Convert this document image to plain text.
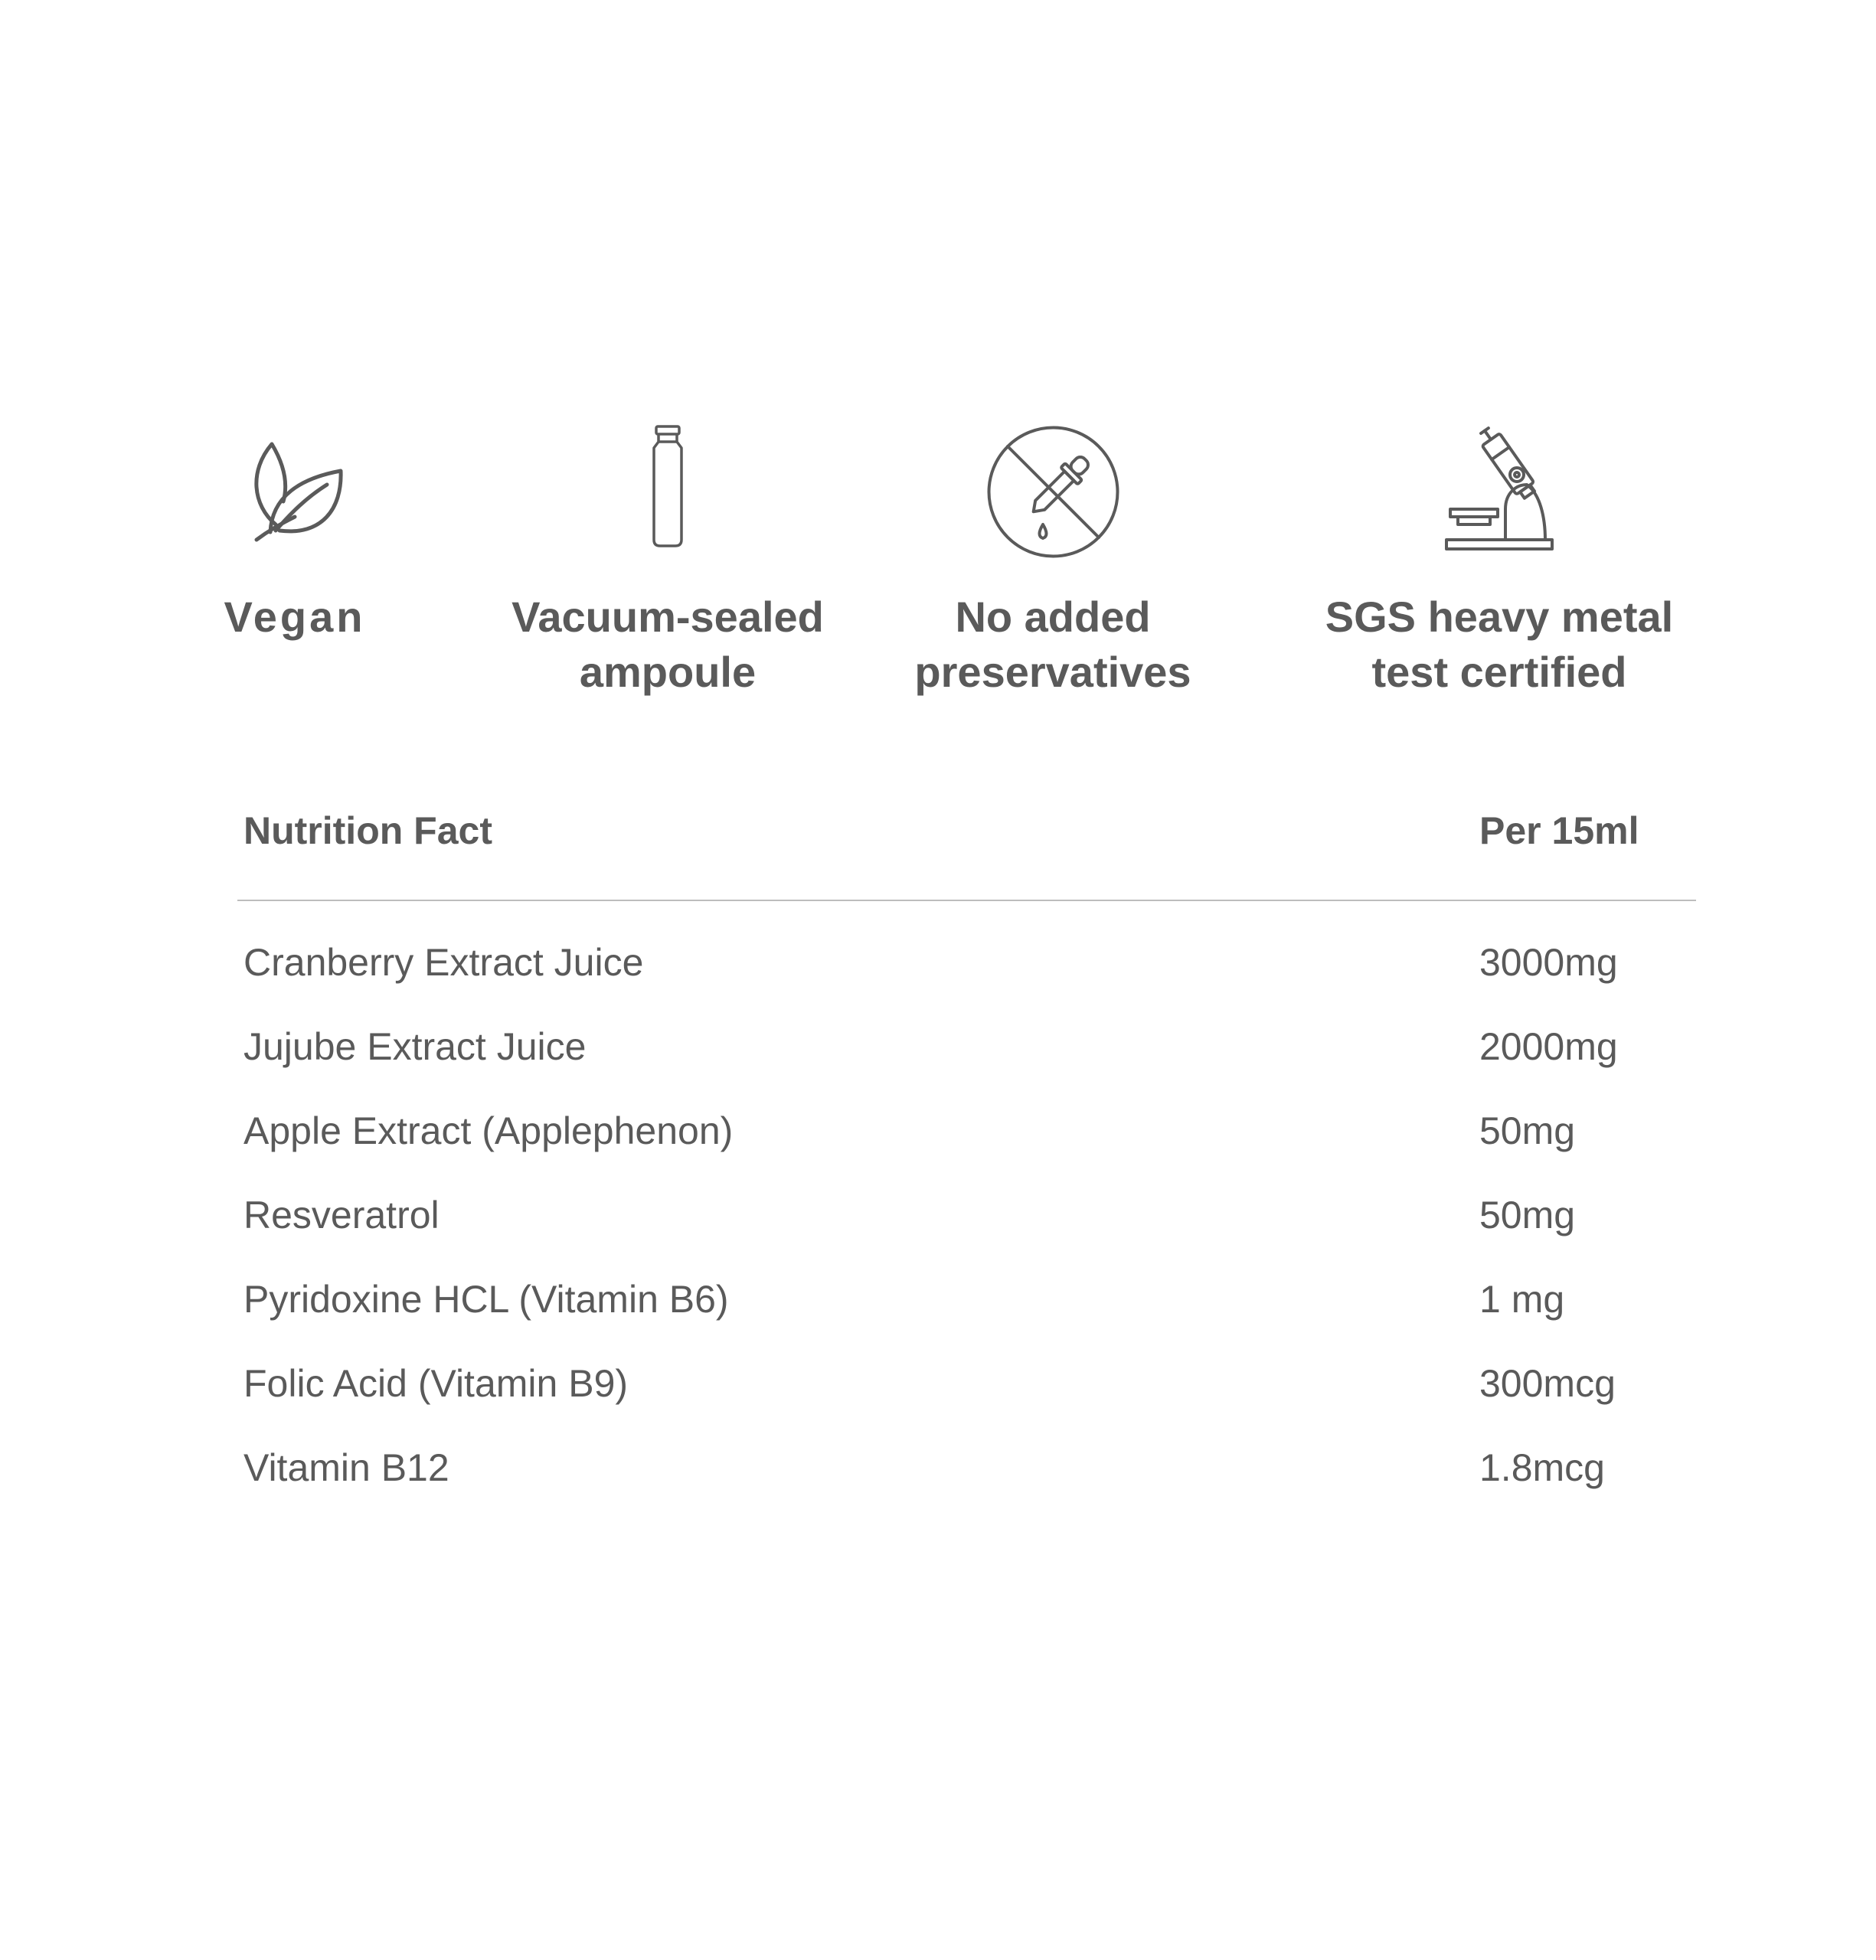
Vegan	Vacuum-sealed
ampoule
No added
preservatives
SGS heavy metal
test certified
Nutrition Fact	Per 15ml
Cranberry Extract Juice	3000mg
Jujube Extract Juice	2000mg
Apple Extract (Applephenon)	50mg
Resveratrol	50mg
Pyridoxine HCL (Vitamin B6)	1 mg
Folic Acid (Vitamin B9)	300mcg
Vitamin B12	1.8mcg
